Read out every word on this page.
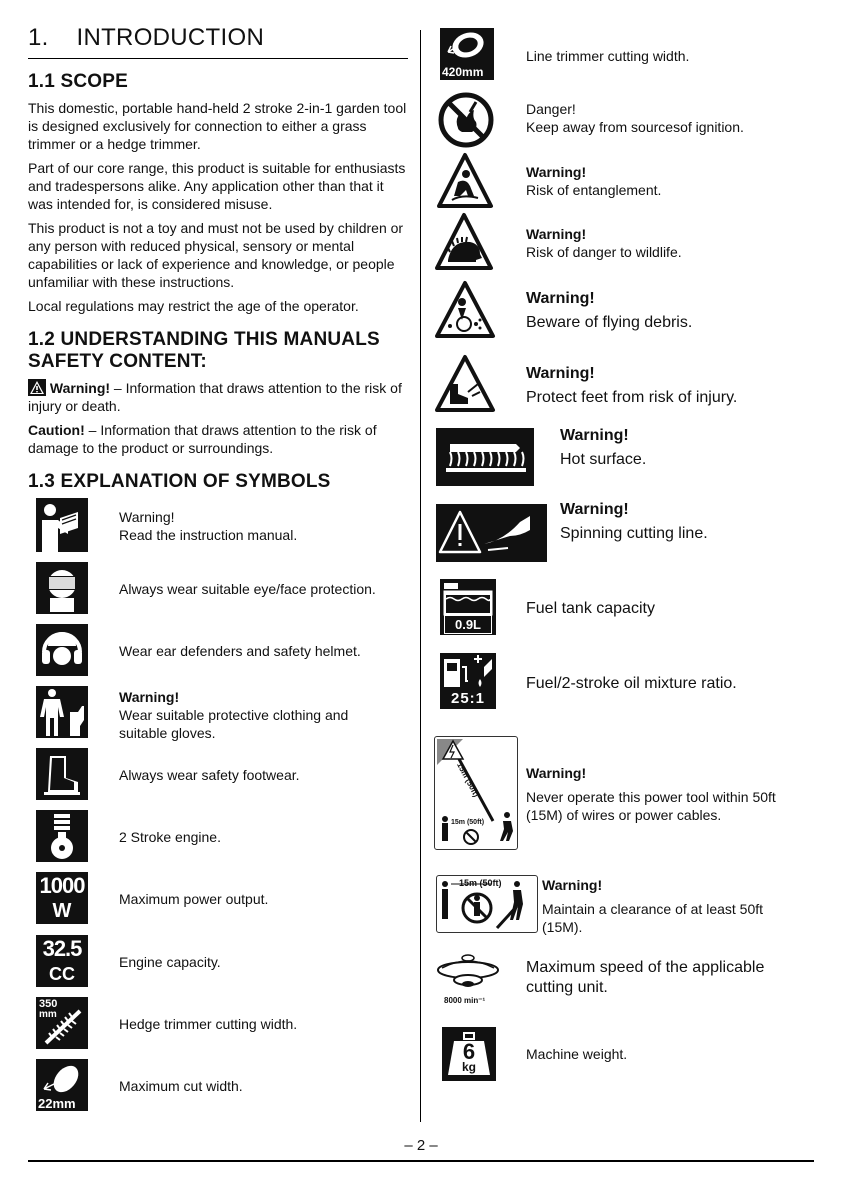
1. INTRODUCTION
1.1 SCOPE

This domestic, portable hand-held 2 stroke 2-in-1 garden tool is designed exclusively for connection to either a grass trimmer or a hedge trimmer.

Part of our core range, this product is suitable for enthusiasts and tradespersons alike. Any application other than that it was intended for, is considered misuse.

This product is not a toy and must not be used by children or any person with reduced physical, sensory or mental capabilities or lack of experience and knowledge, or people unfamiliar with these instructions.

Local regulations may restrict the age of the operator.

1.2 UNDERSTANDING THIS MANUALS
SAFETY CONTENT:

Warning! – Information that draws attention to the risk of injury or death.

Caution! – Information that draws attention to the risk of damage to the product or surroundings.

1.3 EXPLANATION OF SYMBOLS
Warning!
Read the instruction manual.
Always wear suitable eye/face protection.
Wear ear defenders and safety helmet.
Warning!
Wear suitable protective clothing and
suitable gloves.
Always wear safety footwear.
2 Stroke engine.
1000
W
Maximum power output.
32.5
CC
Engine capacity.
350
mm
Hedge trimmer cutting width.
22mm
Maximum cut width.
420mm
Line trimmer cutting width.
Danger!
Keep away from sourcesof ignition.
Warning!
Risk of entanglement.
Warning!
Risk of danger to wildlife.
Warning!
Beware of flying debris.
Warning!
Protect feet from risk of injury.
Warning!
Hot surface.
Warning!
Spinning cutting line.
0.9L
Fuel tank capacity
25:1
Fuel/2-stroke oil mixture ratio.
15m (50ft)
15m (50ft)
Warning!
Never operate this power tool within 50ft
(15M) of wires or power cables.
15m (50ft)	Warning!
Maintain a clearance of at least 50ft
(15M).
8000 min⁻¹
Maximum speed of the applicable
cutting unit.
6
kg
Machine weight.
– 2 –
